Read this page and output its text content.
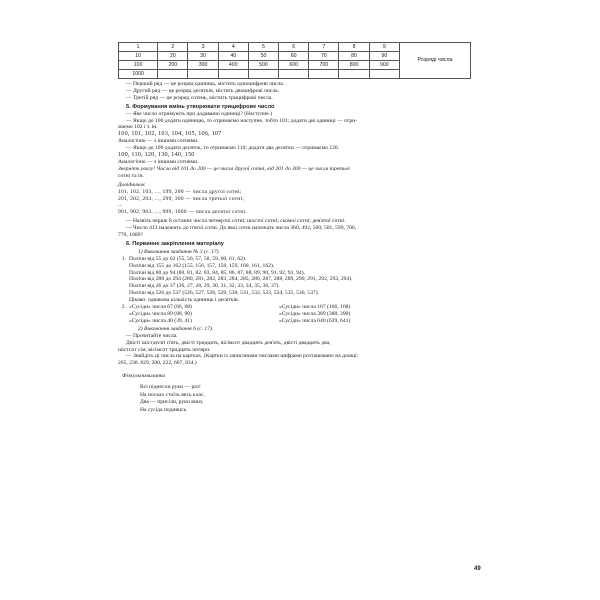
1	2	3	4	5	6	7	8	9	Розряді числа
10	20	30	40	50	60	70	80	90	
100	200	300	400	500	600	700	800	900	
1000									

— Перший ряд — це розряд одиниць, містить одноцифрові числа.

— Другий ряд — це розряд десятків, містить двоцифрові числа.

— Третій ряд — це розряд сотень, містить трицифрові числа.

5. Формування вмінь утворювати трицифрове число

— Яке число отримують при додаванні одиниці? (Наступне.)

— Якщо до 100 додати одиницю, то отримаємо наступне, тобто 101; додати дві одиниці — отри-

маємо 102 і т. ін.

100, 101, 102, 103, 104, 105, 106, 107

Аналогічно — з іншими сотнями.

— Якщо до 100 додати десяток, то отримаємо 110; додати два десятки — отримаємо 120.

100, 110, 120, 130, 140, 150

Аналогічно — з іншими сотнями.

Зверніть увагу! Числа від 101 до 200 — це числа другої сотні, від 201 до 300 — це числа третьої

сотні та ін.

Довідничок

101, 102, 103, ..., 199, 200 — числа другої сотні;

201, 202, 203, ..., 299, 300 — числа третьої сотні;

...

901, 902, 903, ..., 999, 1000 — числа десятої сотні.

— Назвіть перше й останнє числа четвертої сотні; шостої сотні; сьомої сотні; дев'ятої сотні.

— Число 413 належить до п'ятої сотні. До якої сотні належать числа 360, 492, 500, 501, 599, 700,

770, 1000?

6. Первинне закріплення матеріалу

1) Виконання завдання № 3 (с. 17).

1. Полічи від 55 до 62 (55, 56, 57, 58, 59, 60, 61, 62).

Полічи від 155 до 162 (155, 156, 157, 158, 159, 160, 161, 162).

Полічи від 80 до 94 (80, 81, 82, 83, 84, 85, 86, 87, 88, 89, 90, 91, 92, 93, 94).

Полічи від 280 до 294 (280, 281, 282, 283, 284, 285, 286, 287, 288, 289, 290, 291, 292, 293, 294).

Полічи від 26 до 37 (26, 27, 28, 29, 30, 31, 32, 33, 34, 35, 36, 37).

Полічи від 526 до 537 (526, 527, 528, 529, 530, 531, 532, 533, 534, 535, 536, 537).

Цікаво: однакова кількість одиниць і десятків.

2. «Сусіди» числа 67 (66, 68)	«Сусіди» числа 167 (166, 168)
«Сусіди» числа 89 (88, 90)	«Сусіди» числа 389 (388, 390)
«Сусіди» числа 40 (39, 41)	«Сусіди» числа 640 (639, 641)

2) Виконання завдання 6 (с. 17).

— Прочитайте числа.

Двісті шістдесят п'ять, двісті тридцять, вісімсот двадцять дев'ять, двісті двадцять два,

шістсот сім, вісімсот тридцять чотири.

— Знайдіть ці числа на картках. (Картки із записаними числами цифрами розташовано на дошці:

265, 230, 829, 200, 222, 607, 834.)

Фізкультхвилинка

Всі піднесли руки — раз!

На носках стоїть весь клас,

Два — присіли, руки вниз,

На сусіда подивись.

49
